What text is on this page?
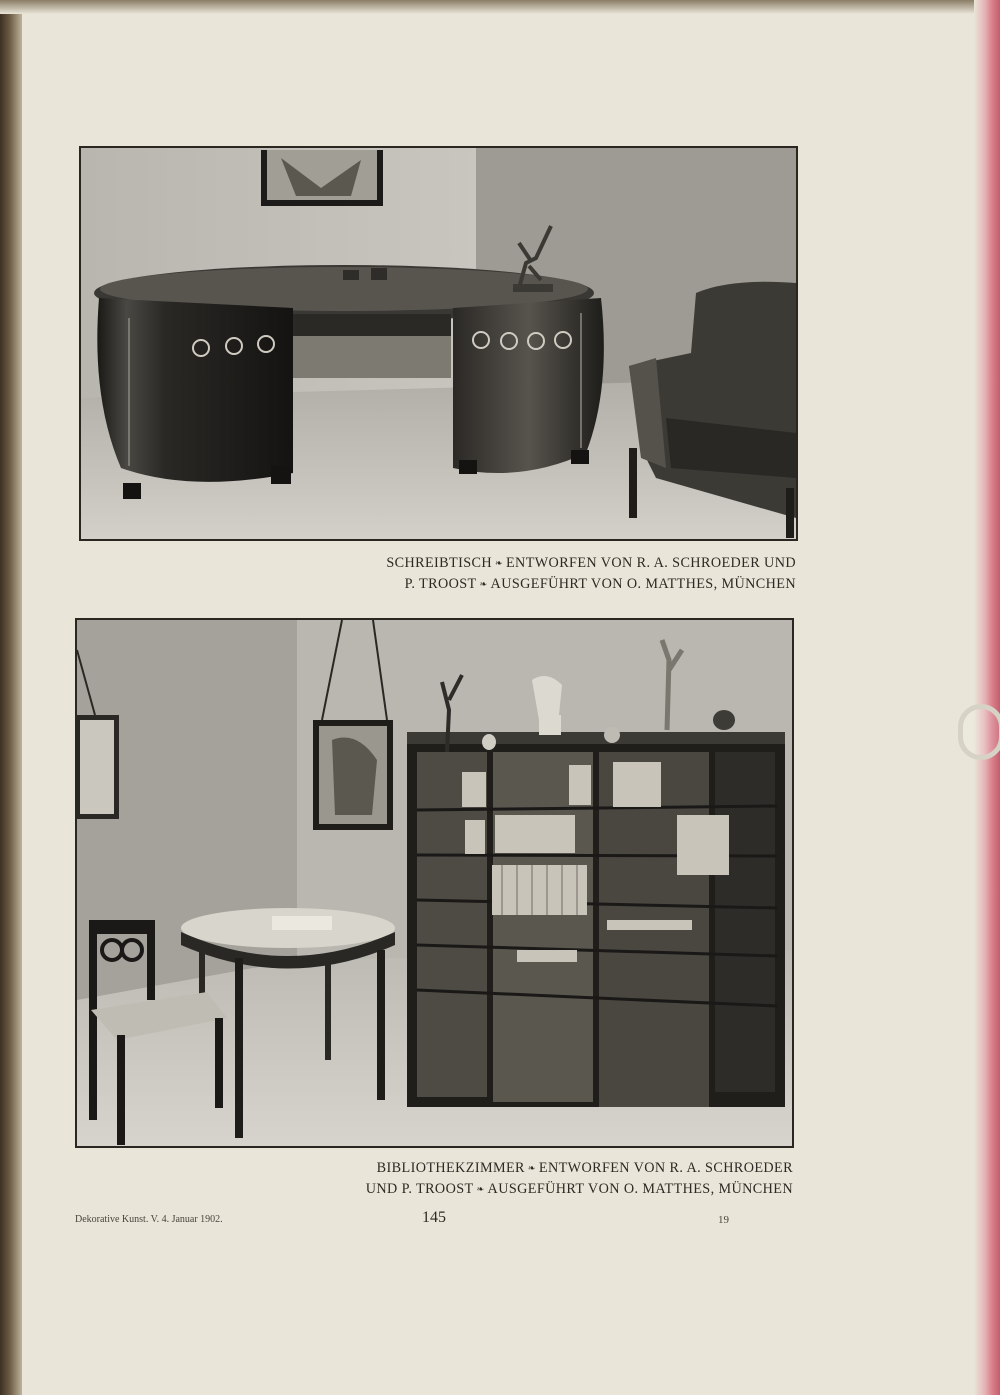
SCHREIBTISCH ❧ ENTWORFEN VON R. A. SCHROEDER UND
P. TROOST ❧ AUSGEFÜHRT VON O. MATTHES, MÜNCHEN
BIBLIOTHEKZIMMER ❧ ENTWORFEN VON R. A. SCHROEDER
UND P. TROOST ❧ AUSGEFÜHRT VON O. MATTHES, MÜNCHEN
Dekorative Kunst. V. 4. Januar 1902.	145	19
